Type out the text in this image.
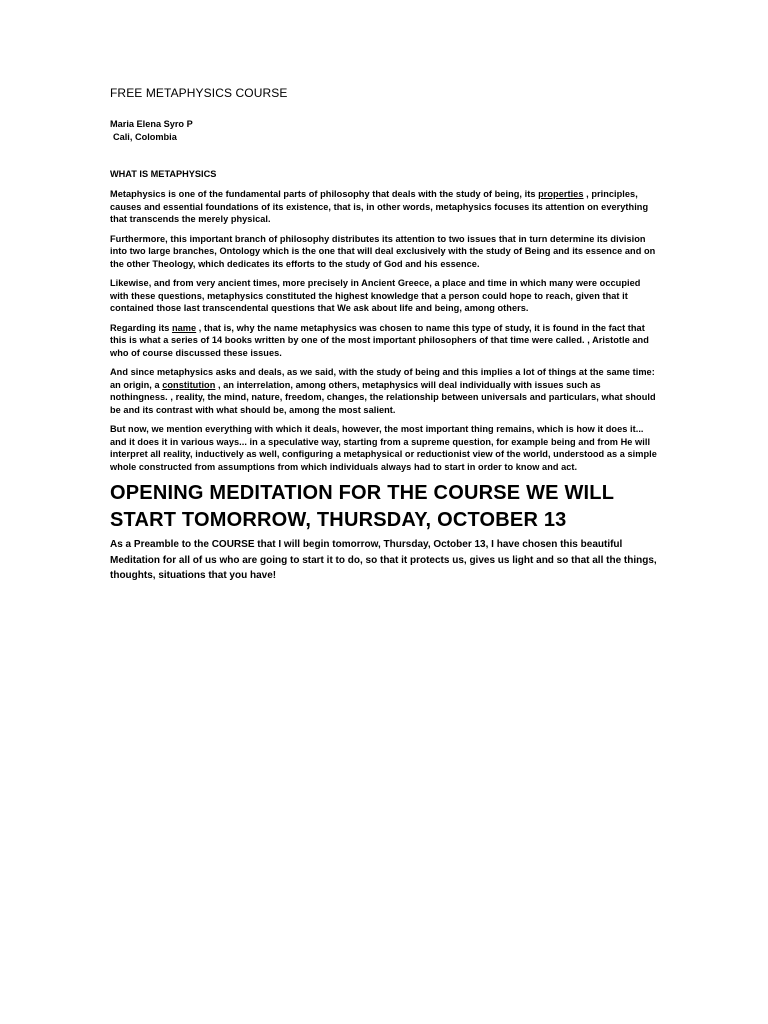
FREE METAPHYSICS COURSE
Maria Elena Syro P
Cali, Colombia
WHAT IS METAPHYSICS

Metaphysics is one of the fundamental parts of philosophy that deals with the study of being, its properties , principles, causes and essential foundations of its existence, that is, in other words, metaphysics focuses its attention on everything that transcends the merely physical.

Furthermore, this important branch of philosophy distributes its attention to two issues that in turn determine its division into two large branches, Ontology which is the one that will deal exclusively with the study of Being and its essence and on the other Theology, which dedicates its efforts to the study of God and his essence.

Likewise, and from very ancient times, more precisely in Ancient Greece, a place and time in which many were occupied with these questions, metaphysics constituted the highest knowledge that a person could hope to reach, given that it contained those last transcendental questions that We ask about life and being, among others.

Regarding its name , that is, why the name metaphysics was chosen to name this type of study, it is found in the fact that this is what a series of 14 books written by one of the most important philosophers of that time were called. , Aristotle and who of course discussed these issues.

And since metaphysics asks and deals, as we said, with the study of being and this implies a lot of things at the same time: an origin, a constitution , an interrelation, among others, metaphysics will deal individually with issues such as nothingness. , reality, the mind, nature, freedom, changes, the relationship between universals and particulars, what should be and its contrast with what should be, among the most salient.

But now, we mention everything with which it deals, however, the most important thing remains, which is how it does it... and it does it in various ways... in a speculative way, starting from a supreme question, for example being and from He will interpret all reality, inductively as well, configuring a metaphysical or reductionist view of the world, understood as a simple whole constructed from assumptions from which individuals always had to start in order to know and act.

OPENING MEDITATION FOR THE COURSE WE WILL START TOMORROW, THURSDAY, OCTOBER 13

As a Preamble to the COURSE that I will begin tomorrow, Thursday, October 13, I have chosen this beautiful Meditation for all of us who are going to start it to do, so that it protects us, gives us light and so that all the things, thoughts, situations that you have!
